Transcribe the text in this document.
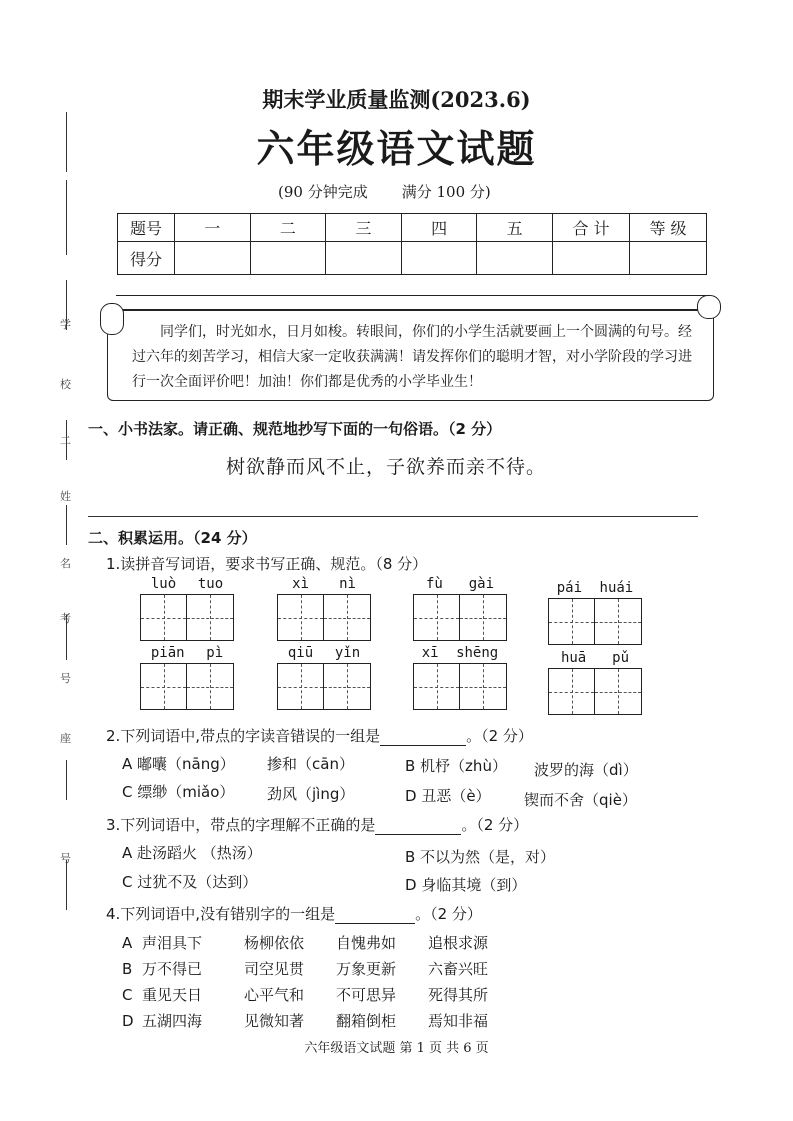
学
校
二
姓
名
考
号
座
号
期末学业质量监测(2023.6)
六年级语文试题
(90 分钟完成 满分 100 分)
题号	一	二	三	四	五	合 计	等 级
得分							
同学们，时光如水，日月如梭。转眼间，你们的小学生活就要画上一个圆满的句号。经过六年的刻苦学习，相信大家一定收获满满！请发挥你们的聪明才智，对小学阶段的学习进行一次全面评价吧！加油！你们都是优秀的小学毕业生！
一、小书法家。请正确、规范地抄写下面的一句俗语。（2 分）
树欲静而风不止，子欲养而亲不待。
二、积累运用。（24 分）
1.读拼音写词语，要求书写正确、规范。（8 分）
luò tuo	xì nì	fù gài	pái huái
piān pì	qiū yǐn	xī shēng	huā pǔ
2.下列词语中,带点的字读音错误的一组是	。（2 分）
A 嘟囔（nāng） 掺和（cān）	B 机杼（zhù） 波罗的海（dì）
C 缥缈（miǎo） 劲风（jìng）	D 丑恶（è） 锲而不舍（qiè）
3.下列词语中，带点的字理解不正确的是	。（2 分）
A 赴汤蹈火 （热汤）	B 不以为然（是，对）
C 过犹不及（达到）	D 身临其境（到）
4.下列词语中,没有错别字的一组是	。（2 分）
A 声泪具下	杨柳依依 自愧弗如 追根求源
B 万不得已	司空见贯 万象更新 六畜兴旺
C 重见天日	心平气和 不可思异 死得其所
D 五湖四海	见微知著 翻箱倒柜 焉知非福
六年级语文试题 第 1 页 共 6 页
